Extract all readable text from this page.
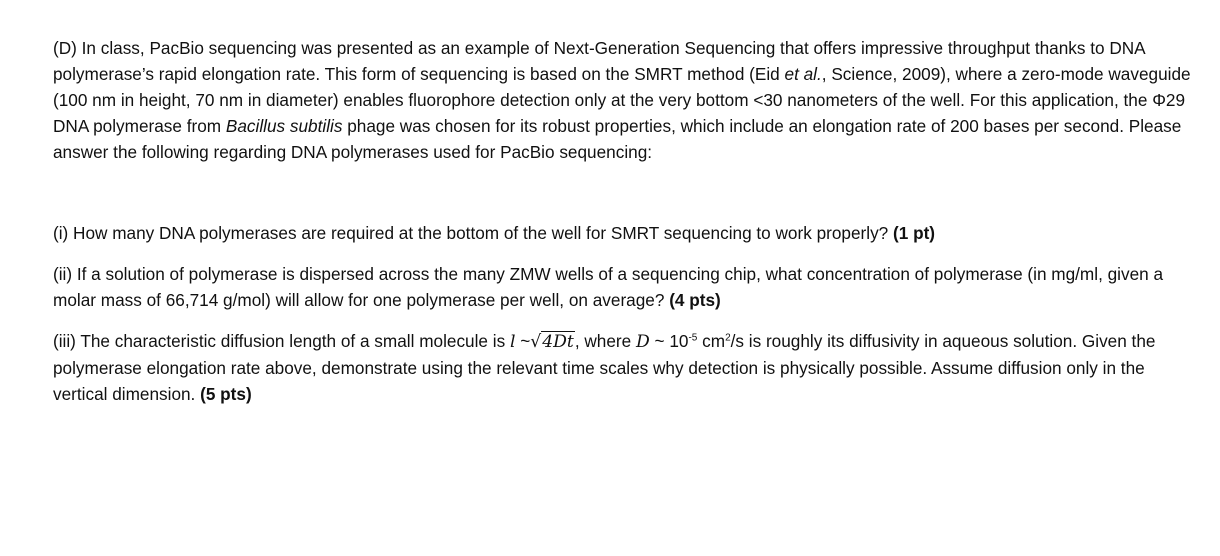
(D) In class, PacBio sequencing was presented as an example of Next-Generation Sequencing that offers impressive throughput thanks to DNA polymerase’s rapid elongation rate. This form of sequencing is based on the SMRT method (Eid et al., Science, 2009), where a zero-mode waveguide (100 nm in height, 70 nm in diameter) enables fluorophore detection only at the very bottom <30 nanometers of the well. For this application, the Φ29 DNA polymerase from Bacillus subtilis phage was chosen for its robust properties, which include an elongation rate of 200 bases per second. Please answer the following regarding DNA polymerases used for PacBio sequencing:

(i) How many DNA polymerases are required at the bottom of the well for SMRT sequencing to work properly? (1 pt)

(ii) If a solution of polymerase is dispersed across the many ZMW wells of a sequencing chip, what concentration of polymerase (in mg/ml, given a molar mass of 66,714 g/mol) will allow for one polymerase per well, on average? (4 pts)

(iii) The characteristic diffusion length of a small molecule is l ~√4Dt, where D ~ $10^{-5}$ $cm^2/s$ is roughly its diffusivity in aqueous solution. Given the polymerase elongation rate above, demonstrate using the relevant time scales why detection is physically possible. Assume diffusion only in the vertical dimension. (5 pts)
